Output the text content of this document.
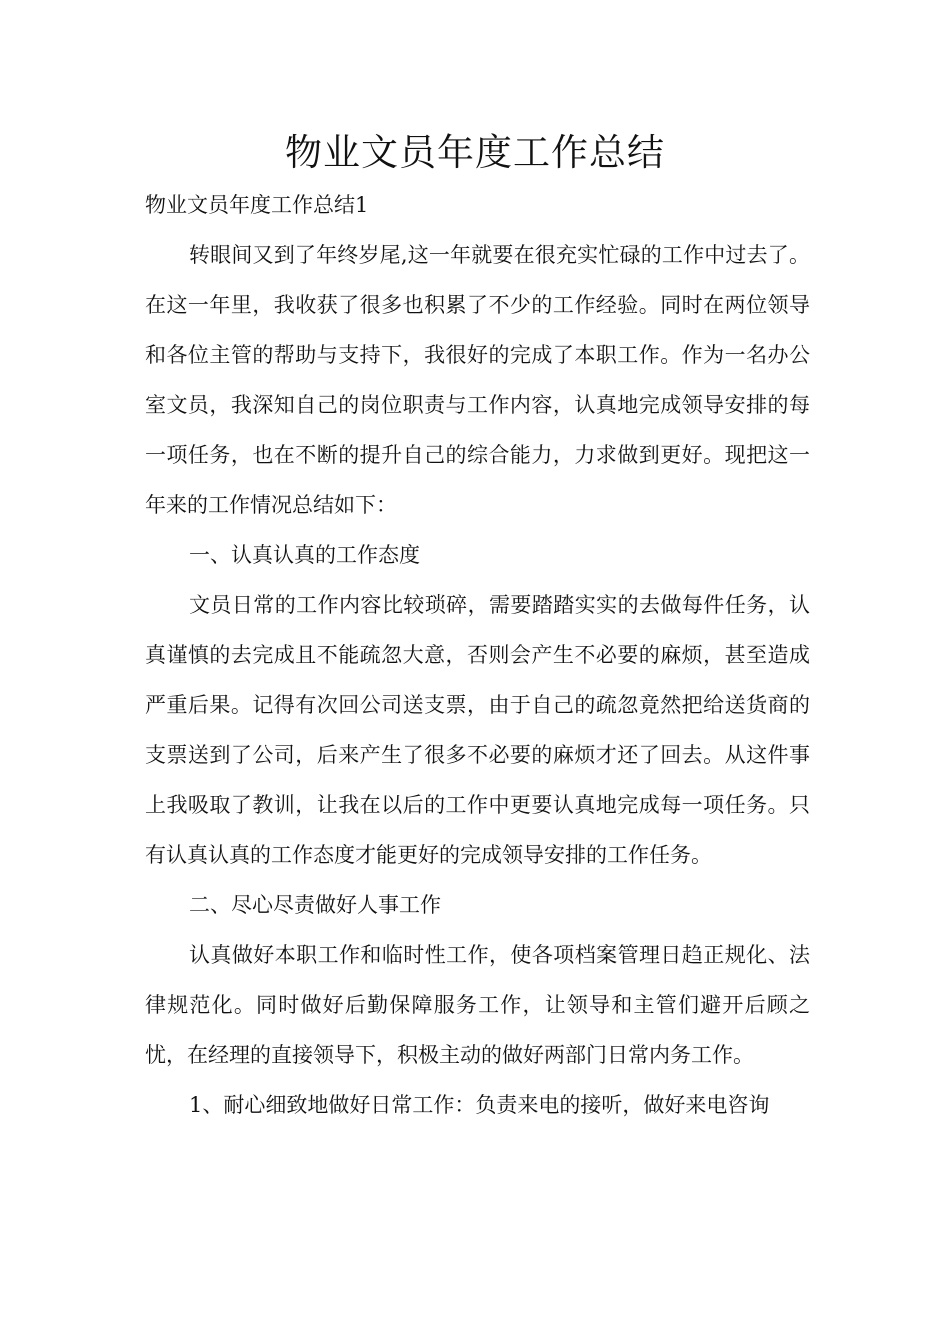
物业文员年度工作总结

物业文员年度工作总结1

转眼间又到了年终岁尾,这一年就要在很充实忙碌的工作中过去了。在这一年里，我收获了很多也积累了不少的工作经验。同时在两位领导和各位主管的帮助与支持下，我很好的完成了本职工作。作为一名办公室文员，我深知自己的岗位职责与工作内容，认真地完成领导安排的每一项任务，也在不断的提升自己的综合能力，力求做到更好。现把这一年来的工作情况总结如下：

一、认真认真的工作态度

文员日常的工作内容比较琐碎，需要踏踏实实的去做每件任务，认真谨慎的去完成且不能疏忽大意，否则会产生不必要的麻烦，甚至造成严重后果。记得有次回公司送支票，由于自己的疏忽竟然把给送货商的支票送到了公司，后来产生了很多不必要的麻烦才还了回去。从这件事上我吸取了教训，让我在以后的工作中更要认真地完成每一项任务。只有认真认真的工作态度才能更好的完成领导安排的工作任务。

二、尽心尽责做好人事工作

认真做好本职工作和临时性工作，使各项档案管理日趋正规化、法律规范化。同时做好后勤保障服务工作，让领导和主管们避开后顾之忧，在经理的直接领导下，积极主动的做好两部门日常内务工作。

1、耐心细致地做好日常工作：负责来电的接听，做好来电咨询
